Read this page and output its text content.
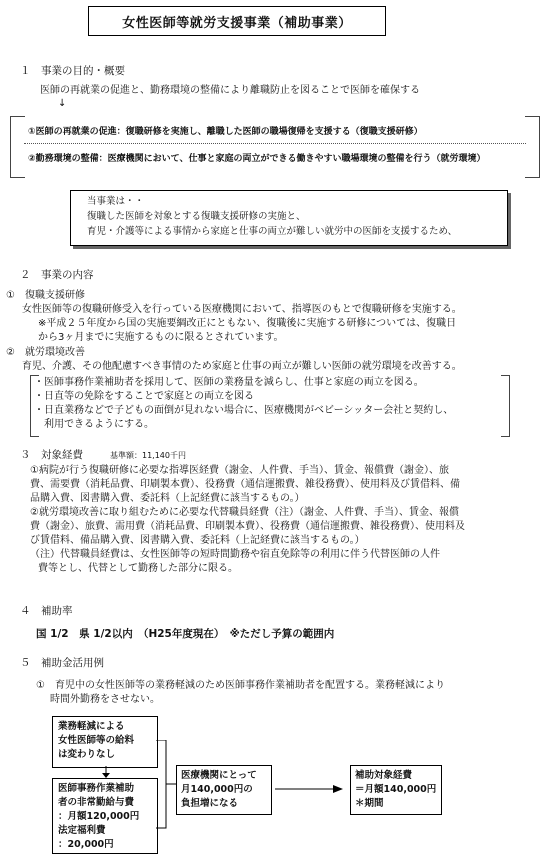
女性医師等就労支援事業（補助事業）
１　事業の目的・概要
医師の再就業の促進と、勤務環境の整備により離職防止を図ることで医師を確保する
↓
①医師の再就業の促進：復職研修を実施し、離職した医師の職場復帰を支援する（復職支援研修）
②勤務環境の整備：医療機関において、仕事と家庭の両立ができる働きやすい職場環境の整備を行う（就労環境）
当事業は・・
復職した医師を対象とする復職支援研修の実施と、
育児・介護等による事情から家庭と仕事の両立が難しい就労中の医師を支援するため、
２　事業の内容
①　復職支援研修
女性医師等の復職研修受入を行っている医療機関において、指導医のもとで復職研修を実施する。
※平成２５年度から国の実施要綱改正にともない、復職後に実施する研修については、復職日
から3ヶ月までに実施するものに限るとされています。
②　就労環境改善
育児、介護、その他配慮すべき事情のため家庭と仕事の両立が難しい医師の就労環境を改善する。
・医師事務作業補助者を採用して、医師の業務量を減らし、仕事と家庭の両立を図る。
・日直等の免除をすることで家庭との両立を図る
・日直業務などで子どもの面倒が見れない場合に、医療機関がベビーシッター会社と契約し、
　利用できるようにする。
３　対象経費	基準額：11,140千円
①病院が行う復職研修に必要な指導医経費（謝金、人件費、手当）、賃金、報償費（謝金）、旅
費、需要費（消耗品費、印刷製本費）、役務費（通信運搬費、雑役務費）、使用料及び賃借料、備
品購入費、図書購入費、委託料（上記経費に該当するもの。）
②就労環境改善に取り組むために必要な代替職員経費（注）（謝金、人件費、手当）、賃金、報償
費（謝金）、旅費、需用費（消耗品費、印刷製本費）、役務費（通信運搬費、雑役務費）、使用料及
び賃借料、備品購入費、図書購入費、委託料（上記経費に該当するもの。）
（注）代替職員経費は、女性医師等の短時間勤務や宿直免除等の利用に伴う代替医師の人件
費等とし、代替として勤務した部分に限る。
４　補助率
国 1/2　県 1/2以内　（H25年度現在）　※ただし予算の範囲内
５　補助金活用例
①　育児中の女性医師等の業務軽減のため医師事務作業補助者を配置する。業務軽減により
時間外勤務をさせない。
業務軽減による
女性医師等の給料
は変わりなし
医師事務作業補助
者の非常勤給与費
：月額120,000円
法定福利費
：20,000円
医療機関にとって
月140,000円の
負担増になる
補助対象経費
＝月額140,000円
＊期間
